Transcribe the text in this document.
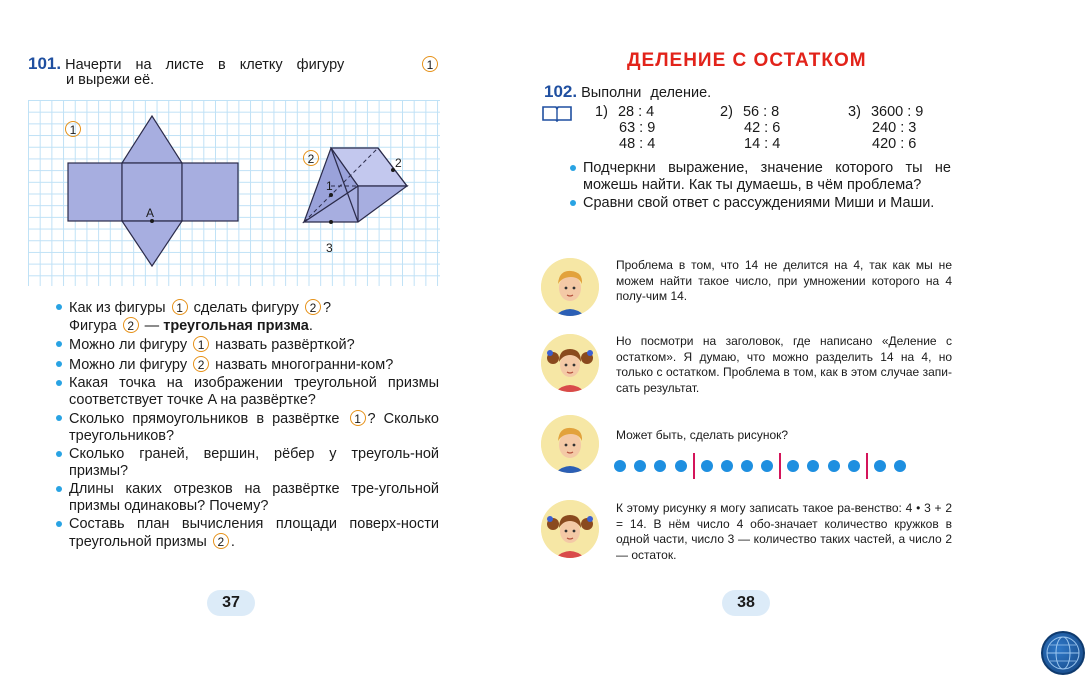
101. Начерти на листе в клетку фигуру	1
и вырежи её.
1
2
A
1
2
3
Как из фигуры 1 сделать фигуру 2 ?
Фигура 2 — треугольная призма.
Можно ли фигуру 1 назвать развёрткой?
Можно ли фигуру 2 назвать многогранни-ком?
Какая точка на изображении треугольной призмы соответствует точке A на развёртке?
Сколько прямоугольников в развёртке 1 ? Сколько треугольников?
Сколько граней, вершин, рёбер у треуголь-ной призмы?
Длины каких отрезков на развёртке тре-угольной призмы одинаковы? Почему?
Составь план вычисления площади поверх-ности треугольной призмы 2 .
37
ДЕЛЕНИЕ С ОСТАТКОМ
102. Выполни деление.
1) 28 : 4
63 : 9
48 : 4
2) 56 : 8
42 : 6
14 : 4
3) 3600 : 9
240 : 3
420 : 6
Подчеркни выражение, значение которого ты не можешь найти. Как ты думаешь, в чём проблема?
Сравни свой ответ с рассуждениями Миши и Маши.
Проблема в том, что 14 не делится на 4, так как мы не можем найти такое число, при умножении которого на 4 полу-чим 14.
Но посмотри на заголовок, где написано «Деление с остатком». Я думаю, что можно разделить 14 на 4, но только с остатком. Проблема в том, как в этом случае запи-сать результат.
Может быть, сделать рисунок?
К этому рисунку я могу записать такое ра-венство: 4 • 3 + 2 = 14. В нём число 4 обо-значает количество кружков в одной части, число 3 — количество таких частей, а число 2 — остаток.
38
